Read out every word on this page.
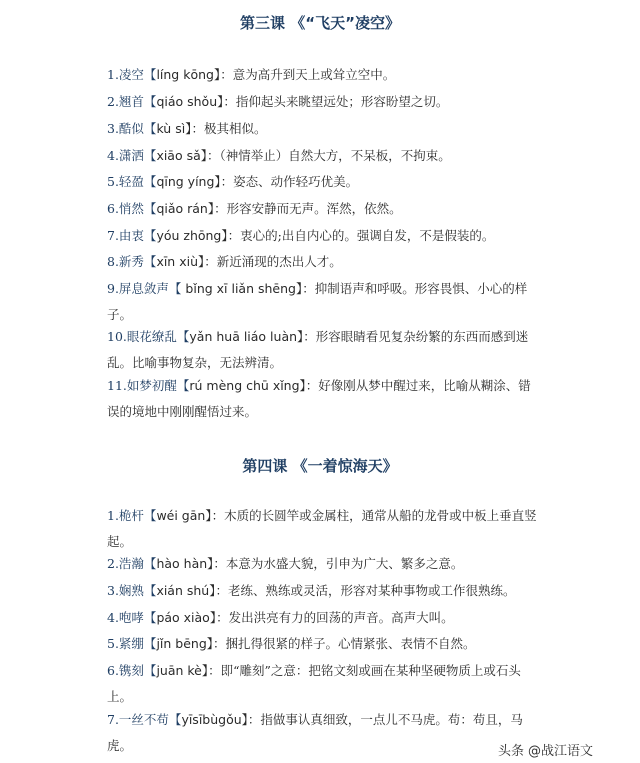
第三课 《“飞天”凌空》
1.凌空【líng kōng】：意为高升到天上或耸立空中。
2.翘首【qiáo shǒu】：指仰起头来眺望远处；形容盼望之切。
3.酷似【kù sì】：极其相似。
4.潇洒【xiāo sǎ】：（神情举止）自然大方，不呆板，不拘束。
5.轻盈【qīng yíng】：姿态、动作轻巧优美。
6.悄然【qiǎo rán】：形容安静而无声。浑然，依然。
7.由衷【yóu zhōng】：衷心的;出自内心的。强调自发，不是假装的。
8.新秀【xīn xiù】：新近涌现的杰出人才。
9.屏息敛声【 bǐng xī liǎn shēng】：抑制语声和呼吸。形容畏惧、小心的样子。
10.眼花缭乱【yǎn huā liáo luàn】：形容眼睛看见复杂纷繁的东西而感到迷乱。比喻事物复杂，无法辨清。
11.如梦初醒【rú mèng chū xǐng】：好像刚从梦中醒过来，比喻从糊涂、错误的境地中刚刚醒悟过来。
第四课 《一着惊海天》
1.桅杆【wéi gān】：木质的长圆竿或金属柱，通常从船的龙骨或中板上垂直竖起。
2.浩瀚【hào hàn】：本意为水盛大貌，引申为广大、繁多之意。
3.娴熟【xián shú】：老练、熟练或灵活，形容对某种事物或工作很熟练。
4.咆哮【páo xiào】：发出洪亮有力的回荡的声音。高声大叫。
5.紧绷【jǐn bēng】：捆扎得很紧的样子。心情紧张、表情不自然。
6.镌刻【juān kè】：即“雕刻”之意：把铭文刻或画在某种坚硬物质上或石头上。
7.一丝不苟【yīsībùgǒu】：指做事认真细致，一点儿不马虎。苟：苟且，马虎。	头条 @战江语文
